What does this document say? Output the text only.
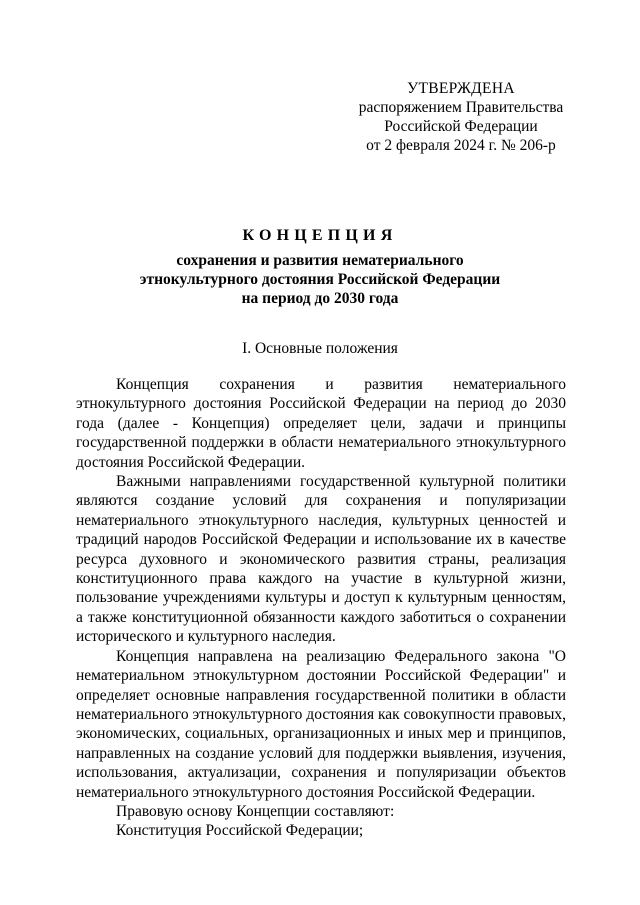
УТВЕРЖДЕНА
распоряжением Правительства
Российской Федерации
от 2 февраля 2024 г. № 206-р
КОНЦЕПЦИЯ
сохранения и развития нематериального
этнокультурного достояния Российской Федерации
на период до 2030 года
I. Основные положения

Концепция сохранения и развития нематериального этнокультурного достояния Российской Федерации на период до 2030 года (далее - Концепция) определяет цели, задачи и принципы государственной поддержки в области нематериального этнокультурного достояния Российской Федерации.

Важными направлениями государственной культурной политики являются создание условий для сохранения и популяризации нематериального этнокультурного наследия, культурных ценностей и традиций народов Российской Федерации и использование их в качестве ресурса духовного и экономического развития страны, реализация конституционного права каждого на участие в культурной жизни, пользование учреждениями культуры и доступ к культурным ценностям, а также конституционной обязанности каждого заботиться о сохранении исторического и культурного наследия.

Концепция направлена на реализацию Федерального закона "О нематериальном этнокультурном достоянии Российской Федерации" и определяет основные направления государственной политики в области нематериального этнокультурного достояния как совокупности правовых, экономических, социальных, организационных и иных мер и принципов, направленных на создание условий для поддержки выявления, изучения, использования, актуализации, сохранения и популяризации объектов нематериального этнокультурного достояния Российской Федерации.

Правовую основу Концепции составляют:

Конституция Российской Федерации;
